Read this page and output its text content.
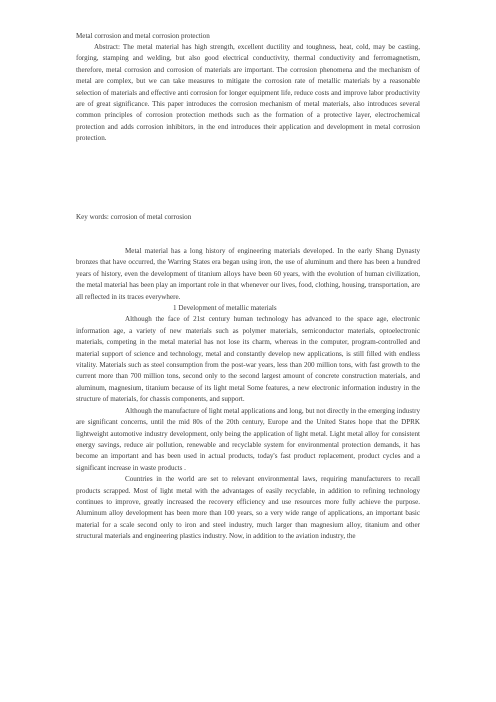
Metal corrosion and metal corrosion protection
Abstract: The metal material has high strength, excellent ductility and toughness, heat, cold, may be casting, forging, stamping and welding, but also good electrical conductivity, thermal conductivity and ferromagnetism, therefore, metal corrosion and corrosion of materials are important. The corrosion phenomena and the mechanism of metal are complex, but we can take measures to mitigate the corrosion rate of metallic materials by a reasonable selection of materials and effective anti corrosion for longer equipment life, reduce costs and improve labor productivity are of great significance. This paper introduces the corrosion mechanism of metal materials, also introduces several common principles of corrosion protection methods such as the formation of a protective layer, electrochemical protection and adds corrosion inhibitors, in the end introduces their application and development in metal corrosion protection.
Key words: corrosion of metal corrosion

Metal material has a long history of engineering materials developed. In the early Shang Dynasty bronzes that have occurred, the Warring States era began using iron, the use of aluminum and there has been a hundred years of history, even the development of titanium alloys have been 60 years, with the evolution of human civilization, the metal material has been play an important role in that whenever our lives, food, clothing, housing, transportation, are all reflected in its traces everywhere.

1 Development of metallic materials

Although the face of 21st century human technology has advanced to the space age, electronic information age, a variety of new materials such as polymer materials, semiconductor materials, optoelectronic materials, competing in the metal material has not lose its charm, whereas in the computer, program-controlled and material support of science and technology, metal and constantly develop new applications, is still filled with endless vitality. Materials such as steel consumption from the post-war years, less than 200 million tons, with fast growth to the current more than 700 million tons, second only to the second largest amount of concrete construction materials, and aluminum, magnesium, titanium because of its light metal Some features, a new electronic information industry in the structure of materials, for chassis components, and support.

Although the manufacture of light metal applications and long, but not directly in the emerging industry are significant concerns, until the mid 80s of the 20th century, Europe and the United States hope that the DPRK lightweight automotive industry development, only being the application of light metal. Light metal alloy for consistent energy savings, reduce air pollution, renewable and recyclable system for environmental protection demands, it has become an important and has been used in actual products, today's fast product replacement, product cycles and a significant increase in waste products .

Countries in the world are set to relevant environmental laws, requiring manufacturers to recall products scrapped. Most of light metal with the advantages of easily recyclable, in addition to refining technology continues to improve, greatly increased the recovery efficiency and use resources more fully achieve the purpose. Aluminum alloy development has been more than 100 years, so a very wide range of applications, an important basic material for a scale second only to iron and steel industry, much larger than magnesium alloy, titanium and other structural materials and engineering plastics industry. Now, in addition to the aviation industry, the
